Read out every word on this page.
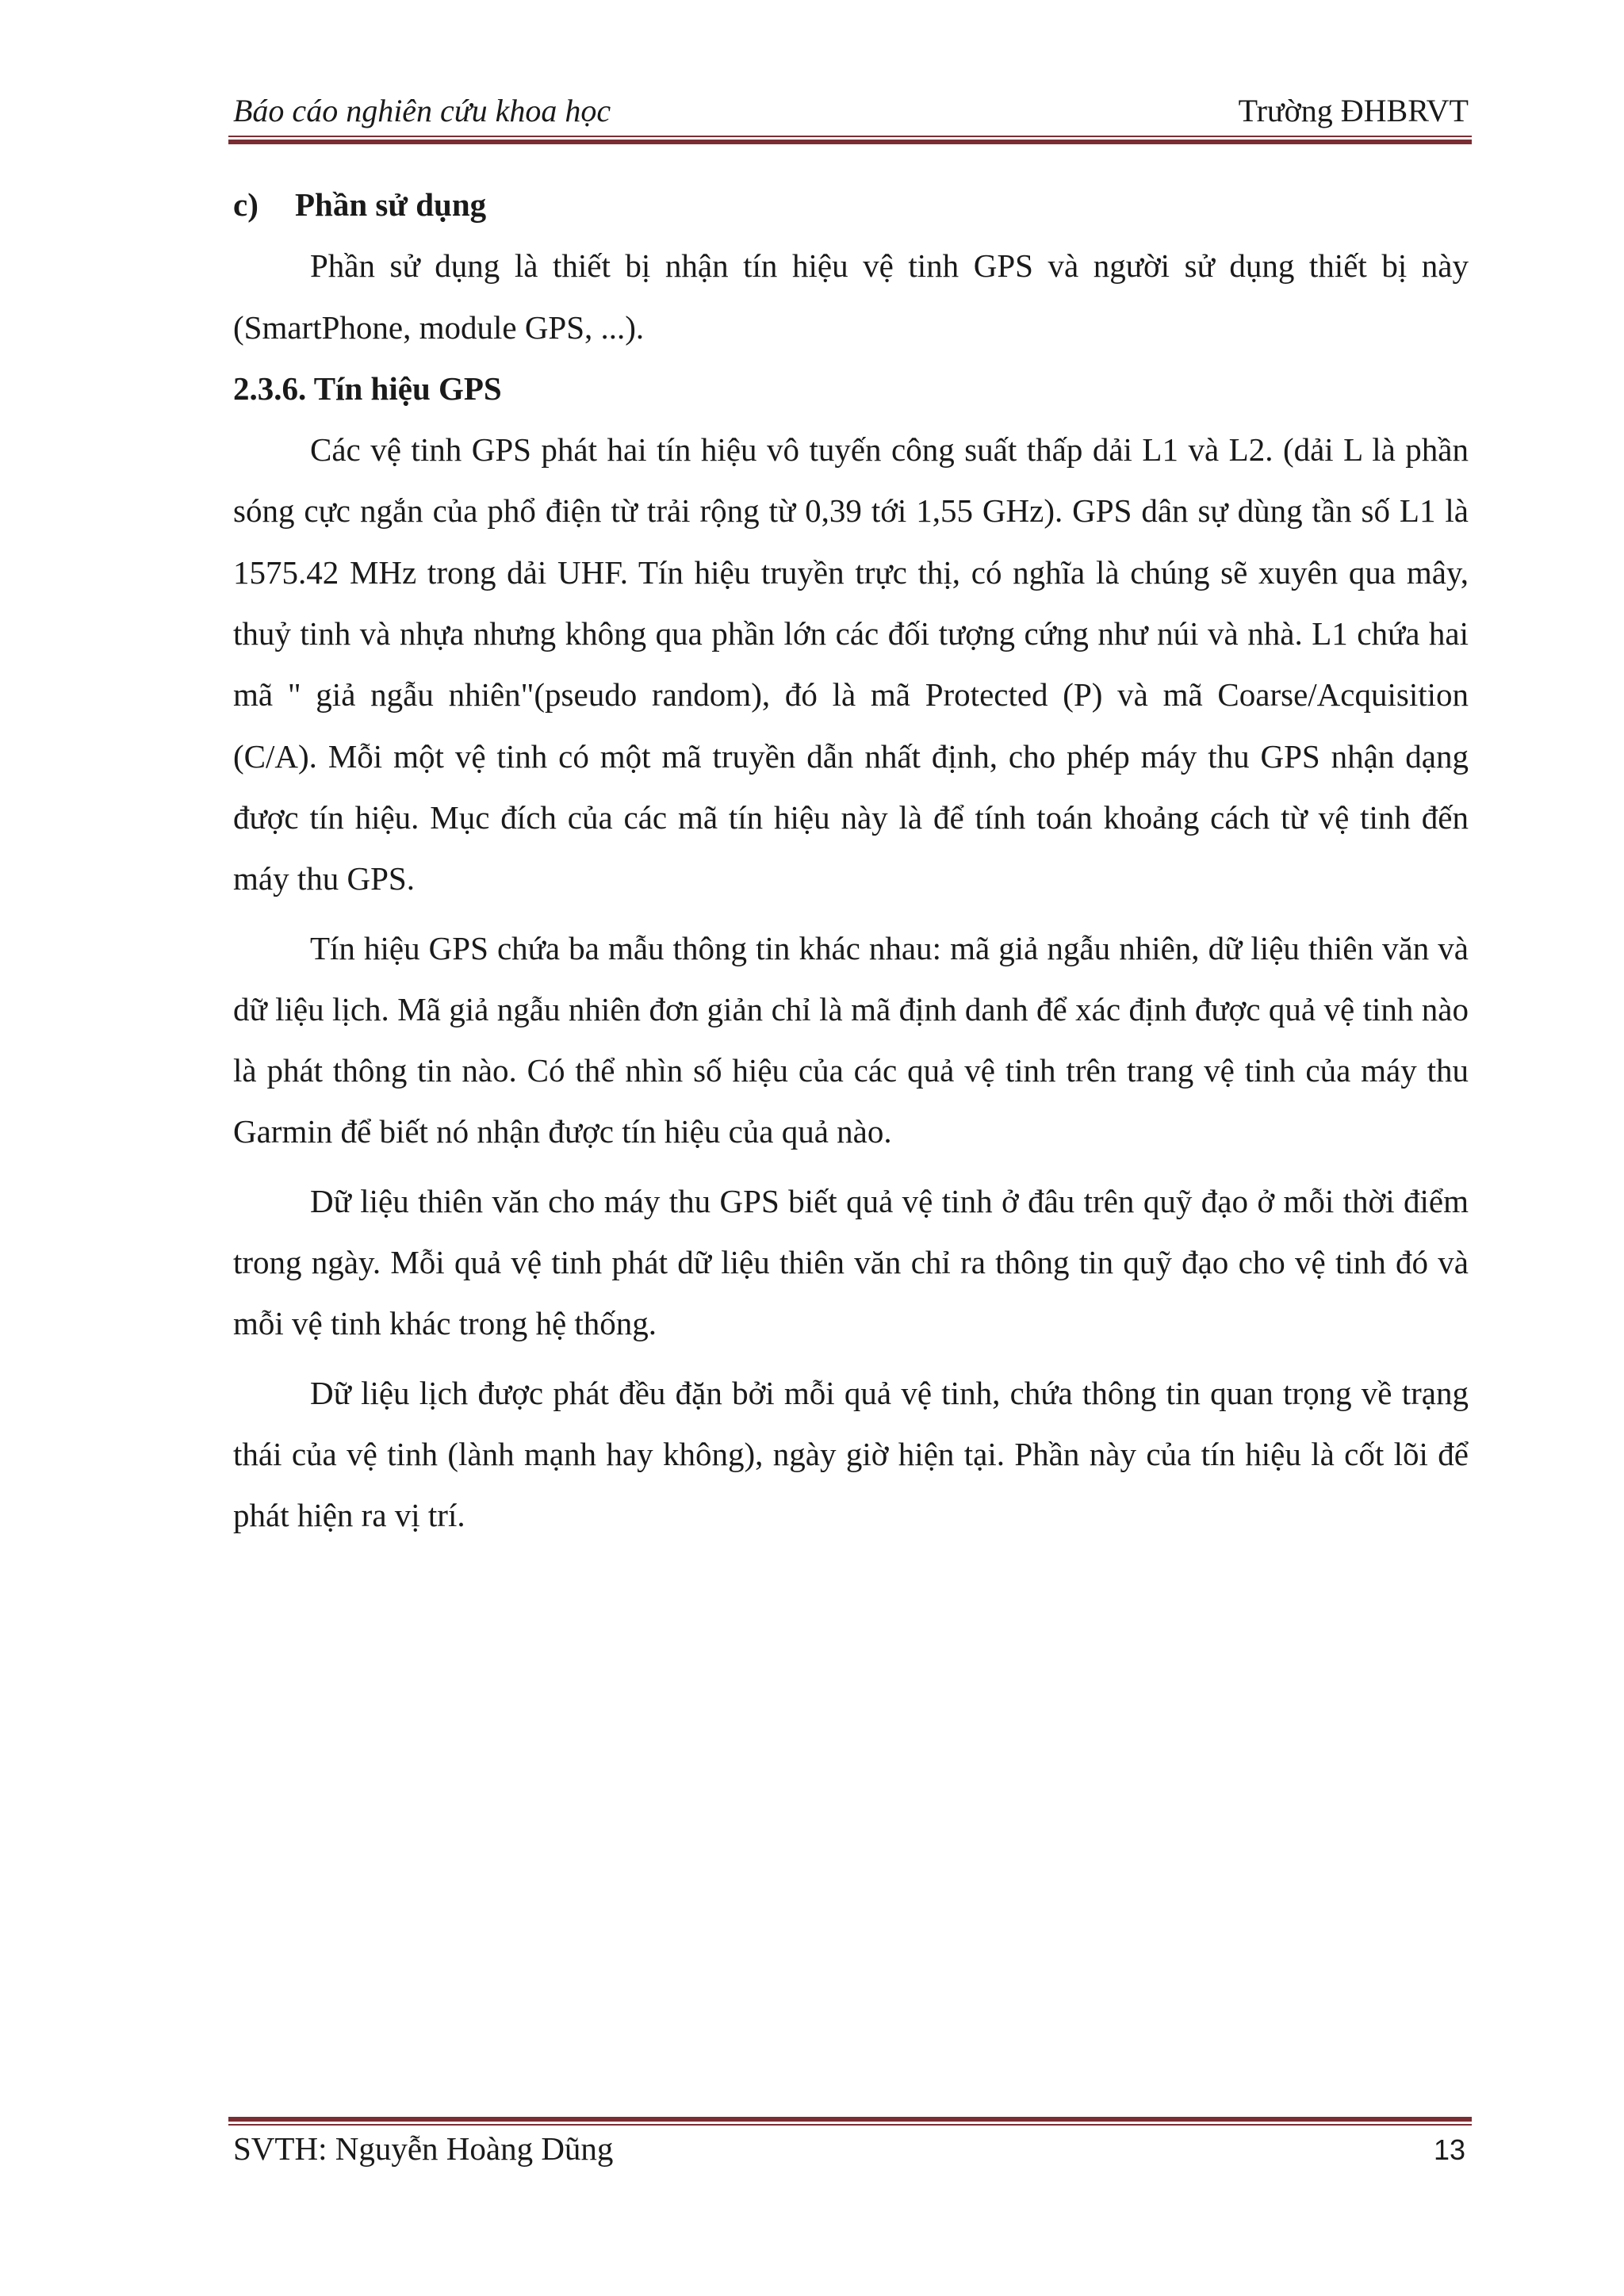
Báo cáo nghiên cứu khoa học	Trường ĐHBRVT
c) Phần sử dụng

Phần sử dụng là thiết bị nhận tín hiệu vệ tinh GPS và người sử dụng thiết bị này (SmartPhone, module GPS, ...).

2.3.6. Tín hiệu GPS

Các vệ tinh GPS phát hai tín hiệu vô tuyến công suất thấp dải L1 và L2. (dải L là phần sóng cực ngắn của phổ điện từ trải rộng từ 0,39 tới 1,55 GHz). GPS dân sự dùng tần số L1 là 1575.42 MHz trong dải UHF. Tín hiệu truyền trực thị, có nghĩa là chúng sẽ xuyên qua mây, thuỷ tinh và nhựa nhưng không qua phần lớn các đối tượng cứng như núi và nhà. L1 chứa hai mã " giả ngẫu nhiên"(pseudo random), đó là mã Protected (P) và mã Coarse/Acquisition (C/A). Mỗi một vệ tinh có một mã truyền dẫn nhất định, cho phép máy thu GPS nhận dạng được tín hiệu. Mục đích của các mã tín hiệu này là để tính toán khoảng cách từ vệ tinh đến máy thu GPS.

Tín hiệu GPS chứa ba mẫu thông tin khác nhau: mã giả ngẫu nhiên, dữ liệu thiên văn và dữ liệu lịch. Mã giả ngẫu nhiên đơn giản chỉ là mã định danh để xác định được quả vệ tinh nào là phát thông tin nào. Có thể nhìn số hiệu của các quả vệ tinh trên trang vệ tinh của máy thu Garmin để biết nó nhận được tín hiệu của quả nào.

Dữ liệu thiên văn cho máy thu GPS biết quả vệ tinh ở đâu trên quỹ đạo ở mỗi thời điểm trong ngày. Mỗi quả vệ tinh phát dữ liệu thiên văn chỉ ra thông tin quỹ đạo cho vệ tinh đó và mỗi vệ tinh khác trong hệ thống.

Dữ liệu lịch được phát đều đặn bởi mỗi quả vệ tinh, chứa thông tin quan trọng về trạng thái của vệ tinh (lành mạnh hay không), ngày giờ hiện tại. Phần này của tín hiệu là cốt lõi để phát hiện ra vị trí.

SVTH: Nguyễn Hoàng Dũng	13
